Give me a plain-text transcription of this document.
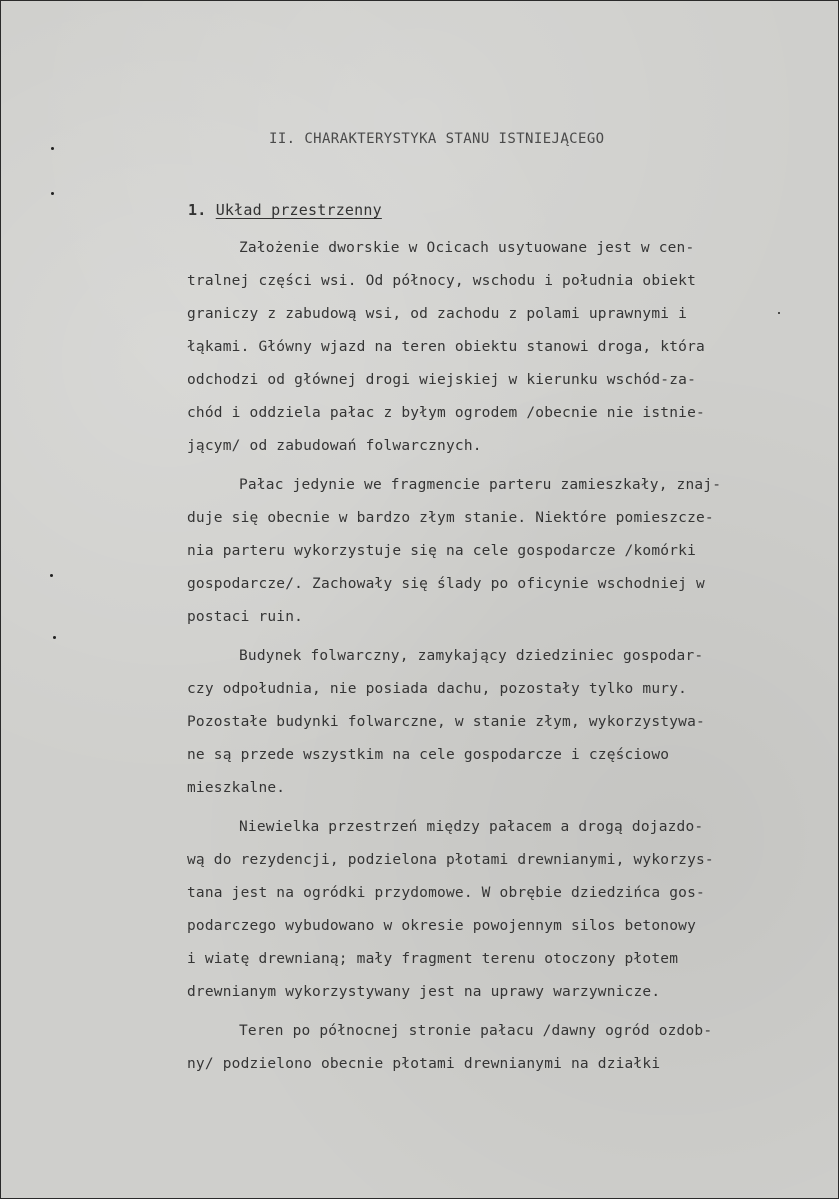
II. CHARAKTERYSTYKA STANU ISTNIEJĄCEGO
1. Układ przestrzenny
Założenie dworskie w Ocicach usytuowane jest w cen-
tralnej części wsi. Od północy, wschodu i południa obiekt
graniczy z zabudową wsi, od zachodu z polami uprawnymi i
łąkami. Główny wjazd na teren obiektu stanowi droga, która
odchodzi od głównej drogi wiejskiej w kierunku wschód-za-
chód i oddziela pałac z byłym ogrodem /obecnie nie istnie-
jącym/ od zabudowań folwarcznych.
Pałac jedynie we fragmencie parteru zamieszkały, znaj-
duje się obecnie w bardzo złym stanie. Niektóre pomieszcze-
nia parteru wykorzystuje się na cele gospodarcze /komórki
gospodarcze/. Zachowały się ślady po oficynie wschodniej w
postaci ruin.
Budynek folwarczny, zamykający dziedziniec gospodar-
czy odpołudnia, nie posiada dachu, pozostały tylko mury.
Pozostałe budynki folwarczne, w stanie złym, wykorzystywa-
ne są przede wszystkim na cele gospodarcze i częściowo
mieszkalne.
Niewielka przestrzeń między pałacem a drogą dojazdo-
wą do rezydencji, podzielona płotami drewnianymi, wykorzys-
tana jest na ogródki przydomowe. W obrębie dziedzińca gos-
podarczego wybudowano w okresie powojennym silos betonowy
i wiatę drewnianą; mały fragment terenu otoczony płotem
drewnianym wykorzystywany jest na uprawy warzywnicze.
Teren po północnej stronie pałacu /dawny ogród ozdob-
ny/ podzielono obecnie płotami drewnianymi na działki
